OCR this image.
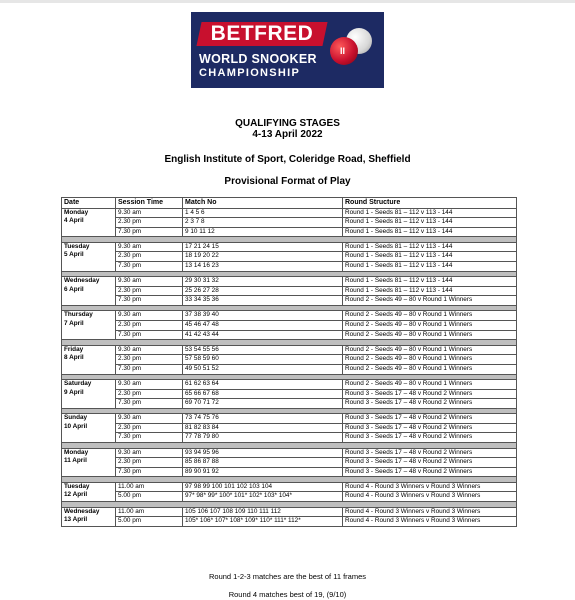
BETFRED
II
WORLD SNOOKER
CHAMPIONSHIP
QUALIFYING STAGES
4-13 April 2022
English Institute of Sport, Coleridge Road, Sheffield
Provisional Format of Play
Date	Session Time	Match No	Round Structure

Monday
4 April	9.30 am	1 4 5 6	Round 1 - Seeds 81 – 112 v 113 - 144
	2.30 pm	2 3 7 8	Round 1 - Seeds 81 – 112 v 113 - 144
	7.30 pm	9 10 11 12	Round 1 - Seeds 81 – 112 v 113 - 144

Tuesday
5 April	9.30 am	17 21 24 15	Round 1 - Seeds 81 – 112 v 113 - 144
	2.30 pm	18 19 20 22	Round 1 - Seeds 81 – 112 v 113 - 144
	7.30 pm	13 14 16 23	Round 1 - Seeds 81 – 112 v 113 - 144

Wednesday
6 April	9.30 am	29 30 31 32	Round 1 - Seeds 81 – 112 v 113 - 144
	2.30 pm	25 26 27 28	Round 1 - Seeds 81 – 112 v 113 - 144
	7.30 pm	33 34 35 36	Round 2 - Seeds 49 – 80 v Round 1 Winners

Thursday
7 April	9.30 am	37 38 39 40	Round 2 - Seeds 49 – 80 v Round 1 Winners
	2.30 pm	45 46 47 48	Round 2 - Seeds 49 – 80 v Round 1 Winners
	7.30 pm	41 42 43 44	Round 2 - Seeds 49 – 80 v Round 1 Winners

Friday
8 April	9.30 am	53 54 55 56	Round 2 - Seeds 49 – 80 v Round 1 Winners
	2.30 pm	57 58 59 60	Round 2 - Seeds 49 – 80 v Round 1 Winners
	7.30 pm	49 50 51 52	Round 2 - Seeds 49 – 80 v Round 1 Winners

Saturday
9 April	9.30 am	61 62 63 64	Round 2 - Seeds 49 – 80 v Round 1 Winners
	2.30 pm	65 66 67 68	Round 3 - Seeds 17 – 48 v Round 2 Winners
	7.30 pm	69 70 71 72	Round 3 - Seeds 17 – 48 v Round 2 Winners

Sunday
10 April	9.30 am	73 74 75 76	Round 3 - Seeds 17 – 48 v Round 2 Winners
	2.30 pm	81 82 83 84	Round 3 - Seeds 17 – 48 v Round 2 Winners
	7.30 pm	77 78 79 80	Round 3 - Seeds 17 – 48 v Round 2 Winners

Monday
11 April	9.30 am	93 94 95 96	Round 3 - Seeds 17 – 48 v Round 2 Winners
	2.30 pm	85 86 87 88	Round 3 - Seeds 17 – 48 v Round 2 Winners
	7.30 pm	89 90 91 92	Round 3 - Seeds 17 – 48 v Round 2 Winners

Tuesday
12 April	11.00 am	97 98 99 100 101 102 103 104	Round 4 - Round 3 Winners v Round 3 Winners
	5.00 pm	97* 98* 99* 100* 101* 102* 103* 104*	Round 4 - Round 3 Winners v Round 3 Winners

Wednesday
13 April	11.00 am	105 106 107 108 109 110 111 112	Round 4 - Round 3 Winners v Round 3 Winners
	5.00 pm	105* 106* 107* 108* 109* 110* 111* 112*	Round 4 - Round 3 Winners v Round 3 Winners
Round 1-2-3 matches are the best of 11 frames
Round 4 matches best of 19, (9/10)
